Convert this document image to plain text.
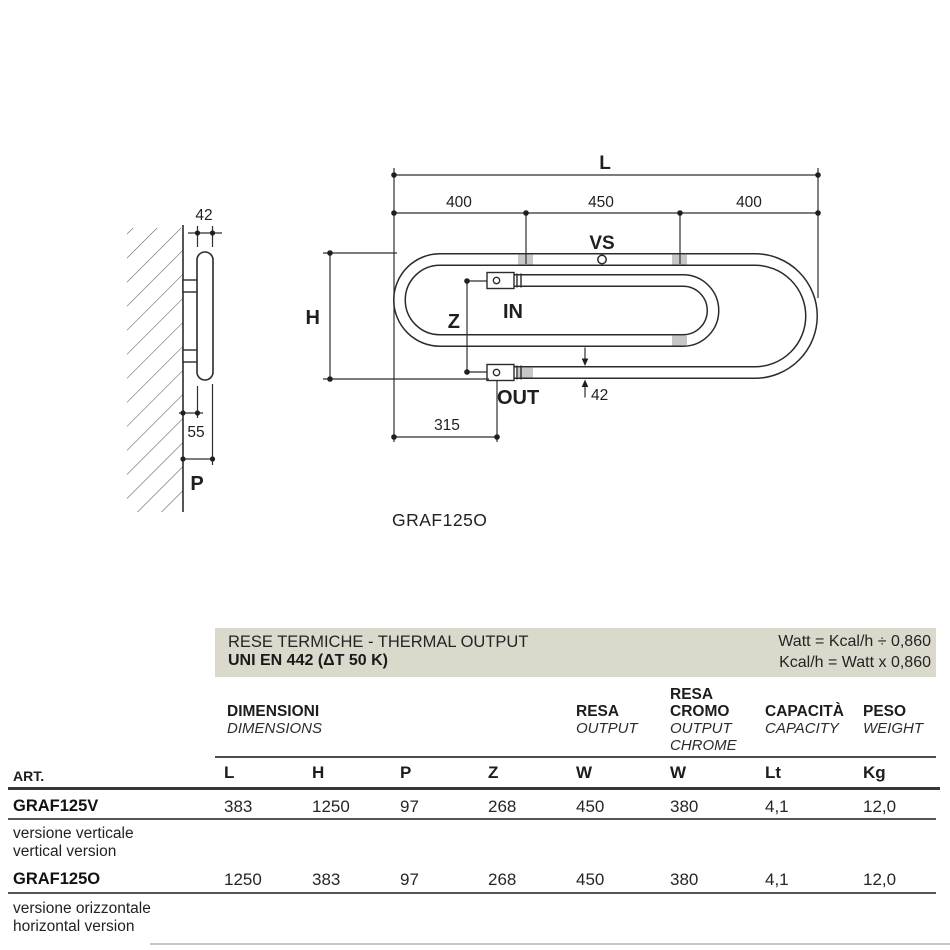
42
55
P
L
400	450	400
VS
H	Z IN
OUT	42
315
GRAF125O
RESE TERMICHE - THERMAL OUTPUT
UNI EN 442 (ΔT 50 K)
Watt = Kcal/h ÷ 0,860
Kcal/h = Watt x 0,860
DIMENSIONI
DIMENSIONS
RESA
OUTPUT
RESA CROMO
OUTPUT CHROME
CAPACITÀ
CAPACITY
PESO
WEIGHT
ART.	L	H	P	Z	W	W	Lt	Kg
GRAF125V	383	1250	97	268	450	380	4,1	12,0
versione verticale
vertical version
GRAF125O	1250	383	97	268	450	380	4,1	12,0
versione orizzontale
horizontal version
